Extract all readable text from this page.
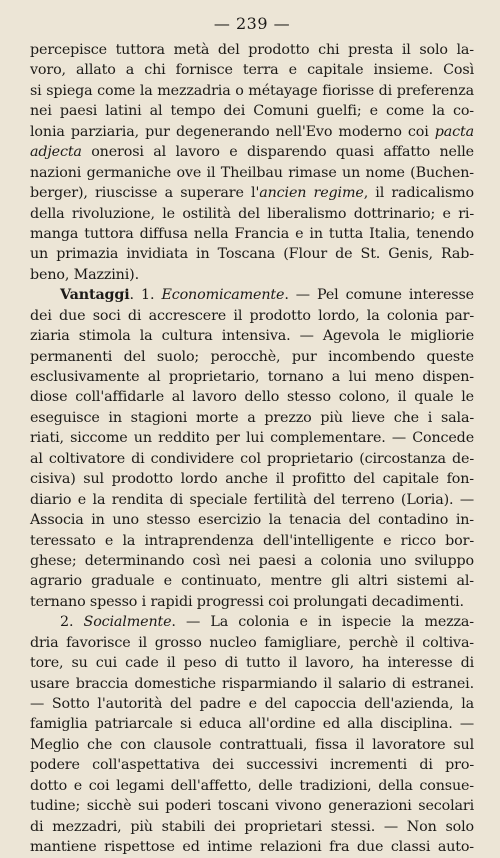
— 239 —
percepisce tuttora metà del prodotto chi presta il solo la-
voro, allato a chi fornisce terra e capitale insieme. Così
si spiega come la mezzadria o métayage fiorisse di preferenza
nei paesi latini al tempo dei Comuni guelfi; e come la co-
lonia parziaria, pur degenerando nell'Evo moderno coi pacta
adjecta onerosi al lavoro e disparendo quasi affatto nelle
nazioni germaniche ove il Theilbau rimase un nome (Buchen-
berger), riuscisse a superare l'ancien regime, il radicalismo
della rivoluzione, le ostilità del liberalismo dottrinario; e ri-
manga tuttora diffusa nella Francia e in tutta Italia, tenendo
un primazia invidiata in Toscana (Flour de St. Genis, Rab-
beno, Mazzini).
Vantaggi. 1. Economicamente. — Pel comune interesse
dei due soci di accrescere il prodotto lordo, la colonia par-
ziaria stimola la cultura intensiva. — Agevola le migliorie
permanenti del suolo; perocchè, pur incombendo queste
esclusivamente al proprietario, tornano a lui meno dispen-
diose coll'affidarle al lavoro dello stesso colono, il quale le
eseguisce in stagioni morte a prezzo più lieve che i sala-
riati, siccome un reddito per lui complementare. — Concede
al coltivatore di condividere col proprietario (circostanza de-
cisiva) sul prodotto lordo anche il profitto del capitale fon-
diario e la rendita di speciale fertilità del terreno (Loria). —
Associa in uno stesso esercizio la tenacia del contadino in-
teressato e la intraprendenza dell'intelligente e ricco bor-
ghese; determinando così nei paesi a colonia uno sviluppo
agrario graduale e continuato, mentre gli altri sistemi al-
ternano spesso i rapidi progressi coi prolungati decadimenti.
2. Socialmente. — La colonia e in ispecie la mezza-
dria favorisce il grosso nucleo famigliare, perchè il coltiva-
tore, su cui cade il peso di tutto il lavoro, ha interesse di
usare braccia domestiche risparmiando il salario di estranei.
— Sotto l'autorità del padre e del capoccia dell'azienda, la
famiglia patriarcale si educa all'ordine ed alla disciplina. —
Meglio che con clausole contrattuali, fissa il lavoratore sul
podere coll'aspettativa dei successivi incrementi di pro-
dotto e coi legami dell'affetto, delle tradizioni, della consue-
tudine; sicchè sui poderi toscani vivono generazioni secolari
di mezzadri, più stabili dei proprietari stessi. — Non solo
mantiene rispettose ed intime relazioni fra due classi auto-
